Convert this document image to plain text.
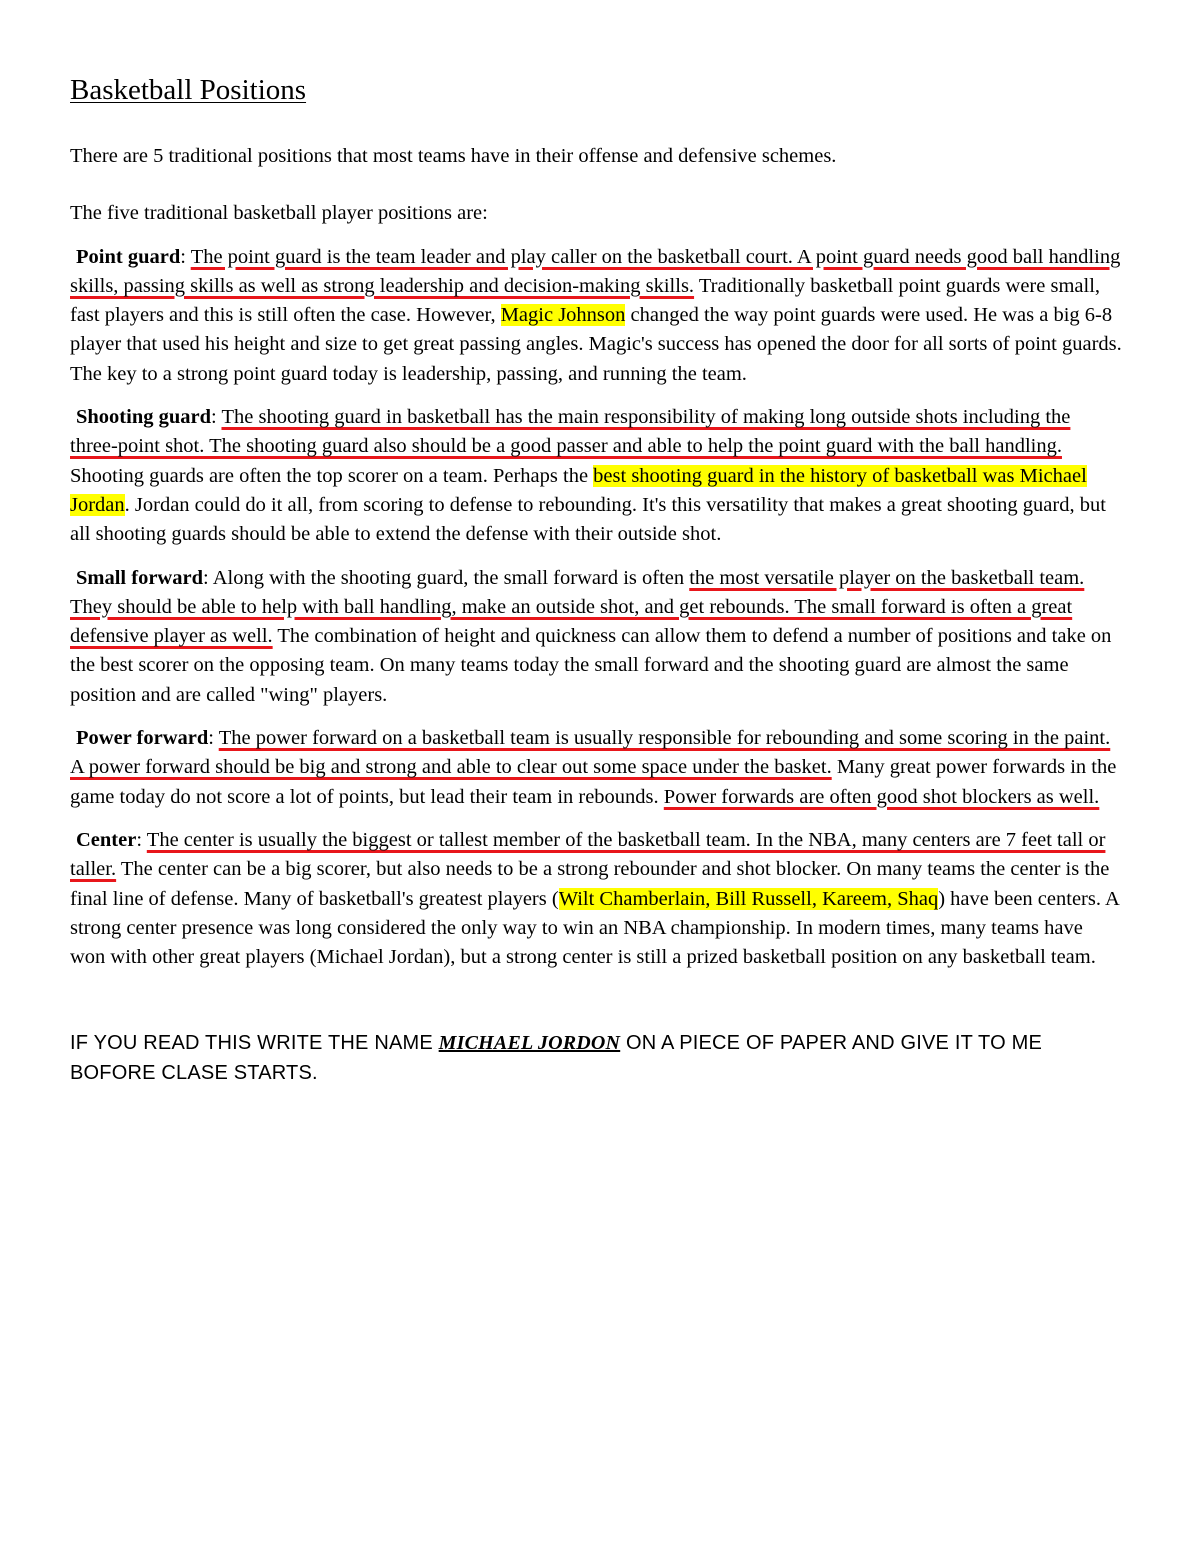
Basketball Positions

There are 5 traditional positions that most teams have in their offense and defensive schemes.

The five traditional basketball player positions are:

Point guard: The point guard is the team leader and play caller on the basketball court. A point guard needs good ball handling skills, passing skills as well as strong leadership and decision-making skills. Traditionally basketball point guards were small, fast players and this is still often the case. However, Magic Johnson changed the way point guards were used. He was a big 6-8 player that used his height and size to get great passing angles. Magic's success has opened the door for all sorts of point guards. The key to a strong point guard today is leadership, passing, and running the team.

Shooting guard: The shooting guard in basketball has the main responsibility of making long outside shots including the three-point shot. The shooting guard also should be a good passer and able to help the point guard with the ball handling. Shooting guards are often the top scorer on a team. Perhaps the best shooting guard in the history of basketball was Michael Jordan. Jordan could do it all, from scoring to defense to rebounding. It's this versatility that makes a great shooting guard, but all shooting guards should be able to extend the defense with their outside shot.

Small forward: Along with the shooting guard, the small forward is often the most versatile player on the basketball team. They should be able to help with ball handling, make an outside shot, and get rebounds. The small forward is often a great defensive player as well. The combination of height and quickness can allow them to defend a number of positions and take on the best scorer on the opposing team. On many teams today the small forward and the shooting guard are almost the same position and are called "wing" players.

Power forward: The power forward on a basketball team is usually responsible for rebounding and some scoring in the paint. A power forward should be big and strong and able to clear out some space under the basket. Many great power forwards in the game today do not score a lot of points, but lead their team in rebounds. Power forwards are often good shot blockers as well.

Center: The center is usually the biggest or tallest member of the basketball team. In the NBA, many centers are 7 feet tall or taller. The center can be a big scorer, but also needs to be a strong rebounder and shot blocker. On many teams the center is the final line of defense. Many of basketball's greatest players (Wilt Chamberlain, Bill Russell, Kareem, Shaq) have been centers. A strong center presence was long considered the only way to win an NBA championship. In modern times, many teams have won with other great players (Michael Jordan), but a strong center is still a prized basketball position on any basketball team.

IF YOU READ THIS WRITE THE NAME MICHAEL JORDON ON A PIECE OF PAPER AND GIVE IT TO ME BOFORE CLASE STARTS.
